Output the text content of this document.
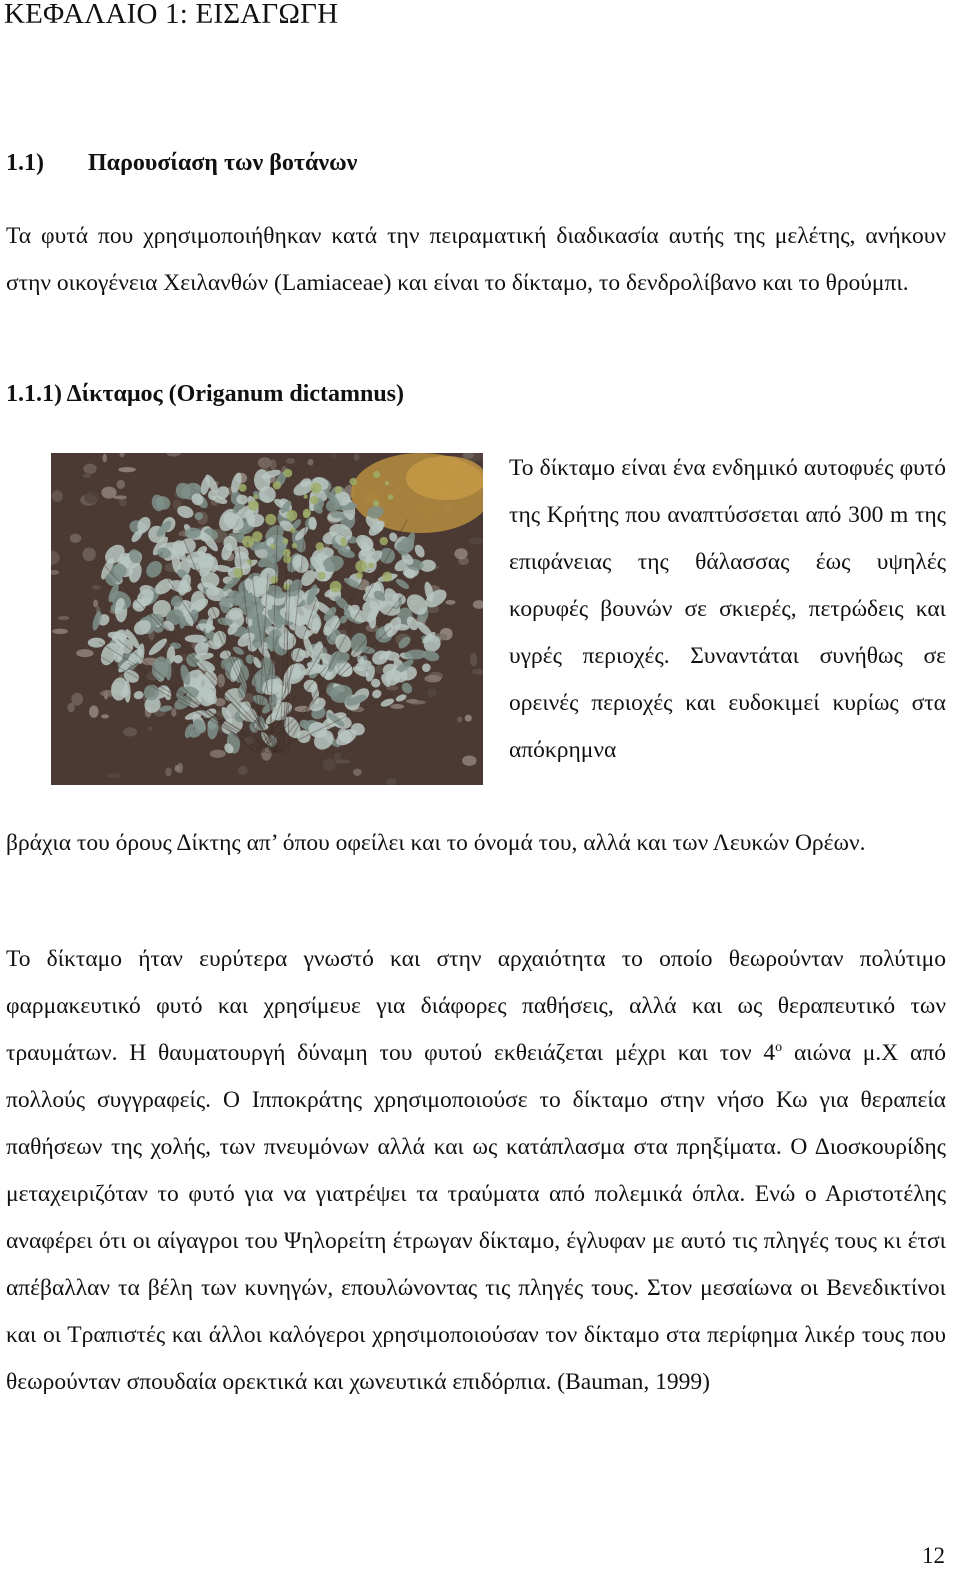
ΚΕΦΑΛΑΙΟ 1: ΕΙΣΑΓΩΓΗ
1.1) Παρουσίαση των βοτάνων

Τα φυτά που χρησιμοποιήθηκαν κατά την πειραματική διαδικασία αυτής της μελέτης, ανήκουν στην οικογένεια Χειλανθών (Lamiaceae) και είναι το δίκταμο, το δενδρολίβανο και το θρούμπι.

1.1.1) Δίκταμος (Origanum dictamnus)

Το δίκταμο είναι ένα ενδημικό αυτοφυές φυτό της Κρήτης που αναπτύσσεται από 300 m της επιφάνειας της θάλασσας έως υψηλές κορυφές βουνών σε σκιερές, πετρώδεις και υγρές περιοχές. Συναντάται συνήθως σε ορεινές περιοχές και ευδοκιμεί κυρίως στα απόκρημνα

βράχια του όρους Δίκτης απ’ όπου οφείλει και το όνομά του, αλλά και των Λευκών Ορέων.

Το δίκταμο ήταν ευρύτερα γνωστό και στην αρχαιότητα το οποίο θεωρούνταν πολύτιμο φαρμακευτικό φυτό και χρησίμευε για διάφορες παθήσεις, αλλά και ως θεραπευτικό των τραυμάτων. Η θαυματουργή δύναμη του φυτού εκθειάζεται μέχρι και τον $4^o$ αιώνα μ.Χ από πολλούς συγγραφείς. Ο Ιπποκράτης χρησιμοποιούσε το δίκταμο στην νήσο Κω για θεραπεία παθήσεων της χολής, των πνευμόνων αλλά και ως κατάπλασμα στα πρηξίματα. Ο Διοσκουρίδης μεταχειριζόταν το φυτό για να γιατρέψει τα τραύματα από πολεμικά όπλα. Ενώ ο Αριστοτέλης αναφέρει ότι οι αίγαγροι του Ψηλορείτη έτρωγαν δίκταμο, έγλυφαν με αυτό τις πληγές τους κι έτσι απέβαλλαν τα βέλη των κυνηγών, επουλώνοντας τις πληγές τους. Στον μεσαίωνα οι Βενεδικτίνοι και οι Τραπιστές και άλλοι καλόγεροι χρησιμοποιούσαν τον δίκταμο στα περίφημα λικέρ τους που θεωρούνταν σπουδαία ορεκτικά και χωνευτικά επιδόρπια. (Bauman, 1999)

12
